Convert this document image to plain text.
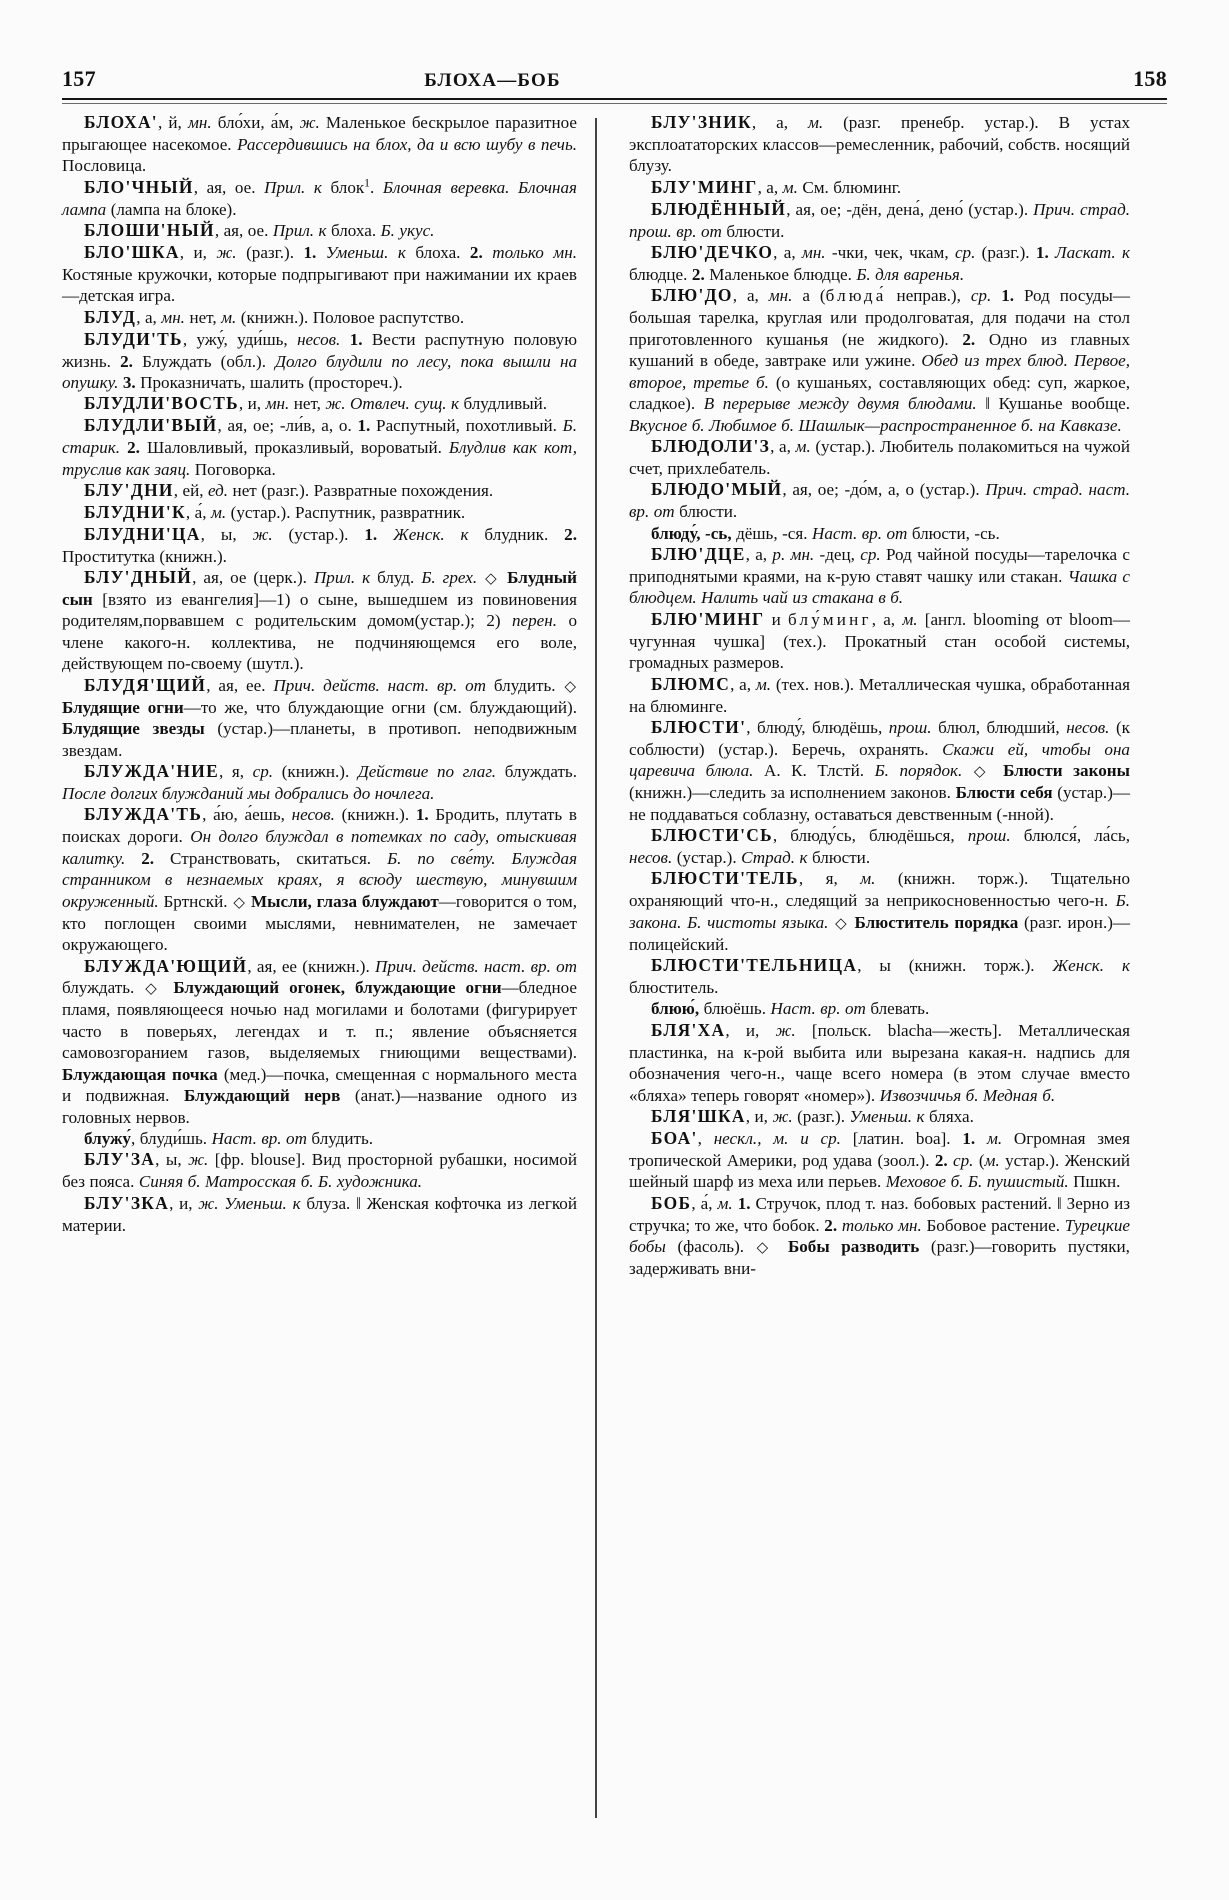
157	БЛОХА—БОБ	158

БЛОХА', й, мн. бло́хи, а́м, ж. Маленькое бескрылое паразитное прыгающее насекомое. Рассердившись на блох, да и всю шубу в печь. Пословица.

БЛО'ЧНЫЙ, ая, ое. Прил. к блок$^1$. Блочная веревка. Блочная лампа (лампа на блоке).

БЛОШИ'НЫЙ, ая, ое. Прил. к блоха. Б. укус.

БЛО'ШКА, и, ж. (разг.). 1. Уменьш. к блоха. 2. только мн. Костяные кружочки, которые подпрыгивают при нажимании их краев—детская игра.

БЛУД, а, мн. нет, м. (книжн.). Половое распутство.

БЛУДИ'ТЬ, ужу́, уди́шь, несов. 1. Вести распутную половую жизнь. 2. Блуждать (обл.). Долго блудили по лесу, пока вышли на опушку. 3. Проказничать, шалить (простореч.).

БЛУДЛИ'ВОСТЬ, и, мн. нет, ж. Отвлеч. сущ. к блудливый.

БЛУДЛИ'ВЫЙ, ая, ое; -ли́в, а, о. 1. Распутный, похотливый. Б. старик. 2. Шаловливый, проказливый, вороватый. Блудлив как кот, труслив как заяц. Поговорка.

БЛУ'ДНИ, ей, ед. нет (разг.). Развратные похождения.

БЛУДНИ'К, а́, м. (устар.). Распутник, развратник.

БЛУДНИ'ЦА, ы, ж. (устар.). 1. Женск. к блудник. 2. Проститутка (книжн.).

БЛУ'ДНЫЙ, ая, ое (церк.). Прил. к блуд. Б. грех. ◇ Блудный сын [взято из евангелия]—1) о сыне, вышедшем из повиновения родителям,порвавшем с родительским домом(устар.); 2) перен. о члене какого-н. коллектива, не подчиняющемся его воле, действующем по-своему (шутл.).

БЛУДЯ'ЩИЙ, ая, ее. Прич. действ. наст. вр. от блудить. ◇ Блудящие огни—то же, что блуждающие огни (см. блуждающий). Блудящие звезды (устар.)—планеты, в противоп. неподвижным звездам.

БЛУЖДА'НИЕ, я, ср. (книжн.). Действие по глаг. блуждать. После долгих блужданий мы добрались до ночлега.

БЛУЖДА'ТЬ, а́ю, а́ешь, несов. (книжн.). 1. Бродить, плутать в поисках дороги. Он долго блуждал в потемках по саду, отыскивая калитку. 2. Странствовать, скитаться. Б. по све́ту. Блуждая странником в незнаемых краях, я всюду шествую, минувшим окруженный. Бртнскй. ◇ Мысли, глаза блуждают—говорится о том, кто поглощен своими мыслями, невнимателен, не замечает окружающего.

БЛУЖДА'ЮЩИЙ, ая, ее (книжн.). Прич. действ. наст. вр. от блуждать. ◇ Блуждающий огонек, блуждающие огни—бледное пламя, появляющееся ночью над могилами и болотами (фигурирует часто в поверьях, легендах и т. п.; явление объясняется самовозгоранием газов, выделяемых гниющими веществами). Блуждающая почка (мед.)—почка, смещенная с нормального места и подвижная. Блуждающий нерв (анат.)—название одного из головных нервов.

блужу́, блуди́шь. Наст. вр. от блудить.

БЛУ'ЗА, ы, ж. [фр. blouse]. Вид просторной рубашки, носимой без пояса. Синяя б. Матросская б. Б. художника.

БЛУ'ЗКА, и, ж. Уменьш. к блуза. ‖ Женская кофточка из легкой материи.

БЛУ'ЗНИК, а, м. (разг. пренебр. устар.). В устах эксплоататорских классов—ремесленник, рабочий, собств. носящий блузу.

БЛУ'МИНГ, а, м. См. блюминг.

БЛЮДЁННЫЙ, ая, ое; -дён, дена́, дено́ (устар.). Прич. страд. прош. вр. от блюсти.

БЛЮ'ДЕЧКО, а, мн. -чки, чек, чкам, ср. (разг.). 1. Ласкат. к блюдце. 2. Маленькое блюдце. Б. для варенья.

БЛЮ'ДО, а, мн. а (блюда́ неправ.), ср. 1. Род посуды—большая тарелка, круглая или продолговатая, для подачи на стол приготовленного кушанья (не жидкого). 2. Одно из главных кушаний в обеде, завтраке или ужине. Обед из трех блюд. Первое, второе, третье б. (о кушаньях, составляющих обед: суп, жаркое, сладкое). В перерыве между двумя блюдами. ‖ Кушанье вообще. Вкусное б. Любимое б. Шашлык—распространенное б. на Кавказе.

БЛЮДОЛИ'З, а, м. (устар.). Любитель полакомиться на чужой счет, прихлебатель.

БЛЮДО'МЫЙ, ая, ое; -до́м, а, о (устар.). Прич. страд. наст. вр. от блюсти.

блюду́, -сь, дёшь, -ся. Наст. вр. от блюсти, -сь.

БЛЮ'ДЦЕ, а, р. мн. -дец, ср. Род чайной посуды—тарелочка с приподнятыми краями, на к-рую ставят чашку или стакан. Чашка с блюдцем. Налить чай из стакана в б.

БЛЮ'МИНГ и блу́минг, а, м. [англ. blooming от bloom—чугунная чушка] (тех.). Прокатный стан особой системы, громадных размеров.

БЛЮМС, а, м. (тех. нов.). Металлическая чушка, обработанная на блюминге.

БЛЮСТИ', блюду́, блюдёшь, прош. блюл, блюдший, несов. (к соблюсти) (устар.). Беречь, охранять. Скажи ей, чтобы она царевича блюла. А. К. Тлстй. Б. порядок. ◇ Блюсти законы (книжн.)—следить за исполнением законов. Блюсти себя (устар.)—не поддаваться соблазну, оставаться девственным (-нной).

БЛЮСТИ'СЬ, блюду́сь, блюдёшься, прош. блюлся́, ла́сь, несов. (устар.). Страд. к блюсти.

БЛЮСТИ'ТЕЛЬ, я, м. (книжн. торж.). Тщательно охраняющий что-н., следящий за неприкосновенностью чего-н. Б. закона. Б. чистоты языка. ◇ Блюститель порядка (разг. ирон.)—полицейский.

БЛЮСТИ'ТЕЛЬНИЦА, ы (книжн. торж.). Женск. к блюститель.

блюю́, блюёшь. Наст. вр. от блевать.

БЛЯ'ХА, и, ж. [польск. blacha—жесть]. Металлическая пластинка, на к-рой выбита или вырезана какая-н. надпись для обозначения чего-н., чаще всего номера (в этом случае вместо «бляха» теперь говорят «номер»). Извозчичья б. Медная б.

БЛЯ'ШКА, и, ж. (разг.). Уменьш. к бляха.

БОА', нескл., м. и ср. [латин. boa]. 1. м. Огромная змея тропической Америки, род удава (зоол.). 2. ср. (м. устар.). Женский шейный шарф из меха или перьев. Меховое б. Б. пушистый. Пшкн.

БОБ, а́, м. 1. Стручок, плод т. наз. бобовых растений. ‖ Зерно из стручка; то же, что бобок. 2. только мн. Бобовое растение. Турецкие бобы (фасоль). ◇ Бобы разводить (разг.)—говорить пустяки, задерживать вни-
